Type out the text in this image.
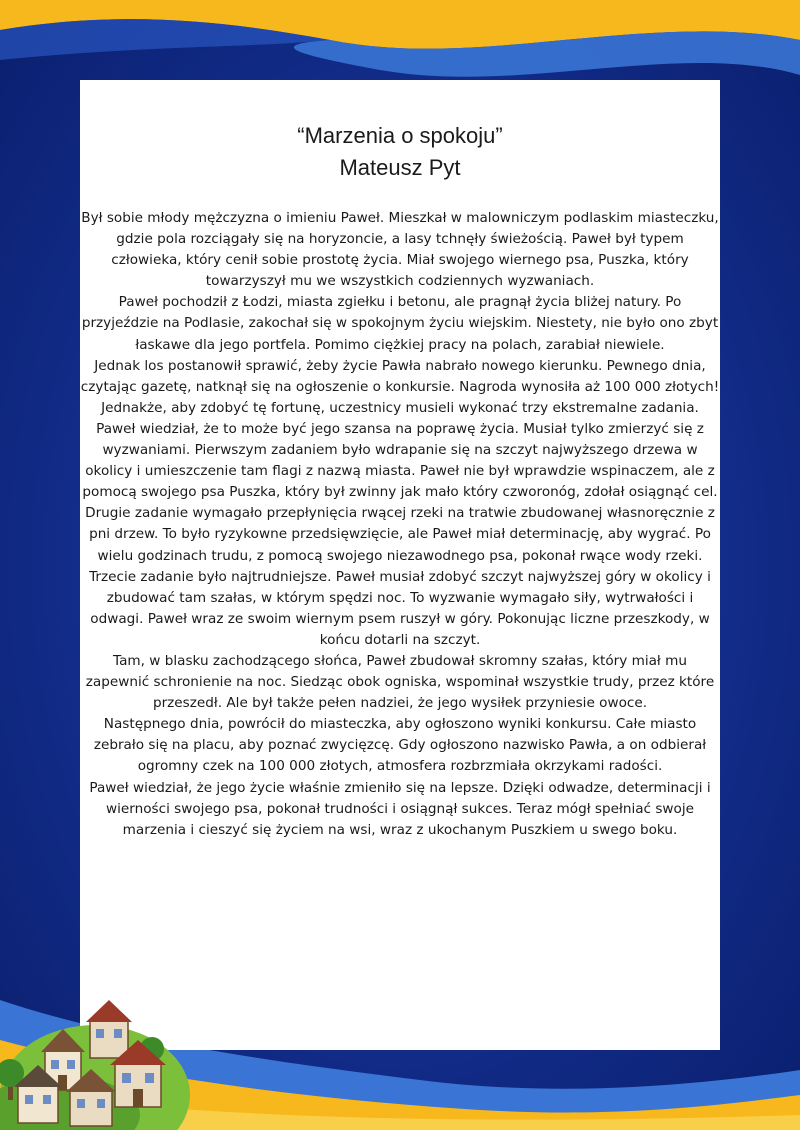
“Marzenia o spokoju”
Mateusz Pyt

Był sobie młody mężczyzna o imieniu Paweł. Mieszkał w malowniczym podlaskim miasteczku, gdzie pola rozciągały się na horyzoncie, a lasy tchnęły świeżością. Paweł był typem człowieka, który cenił sobie prostotę życia. Miał swojego wiernego psa, Puszka, który towarzyszył mu we wszystkich codziennych wyzwaniach.

Paweł pochodził z Łodzi, miasta zgiełku i betonu, ale pragnął życia bliżej natury. Po przyjeździe na Podlasie, zakochał się w spokojnym życiu wiejskim. Niestety, nie było ono zbyt łaskawe dla jego portfela. Pomimo ciężkiej pracy na polach, zarabiał niewiele.

Jednak los postanowił sprawić, żeby życie Pawła nabrało nowego kierunku. Pewnego dnia, czytając gazetę, natknął się na ogłoszenie o konkursie. Nagroda wynosiła aż 100 000 złotych! Jednakże, aby zdobyć tę fortunę, uczestnicy musieli wykonać trzy ekstremalne zadania.

Paweł wiedział, że to może być jego szansa na poprawę życia. Musiał tylko zmierzyć się z wyzwaniami. Pierwszym zadaniem było wdrapanie się na szczyt najwyższego drzewa w okolicy i umieszczenie tam flagi z nazwą miasta. Paweł nie był wprawdzie wspinaczem, ale z pomocą swojego psa Puszka, który był zwinny jak mało który czworonóg, zdołał osiągnąć cel.

Drugie zadanie wymagało przepłynięcia rwącej rzeki na tratwie zbudowanej własnoręcznie z pni drzew. To było ryzykowne przedsięwzięcie, ale Paweł miał determinację, aby wygrać. Po wielu godzinach trudu, z pomocą swojego niezawodnego psa, pokonał rwące wody rzeki.

Trzecie zadanie było najtrudniejsze. Paweł musiał zdobyć szczyt najwyższej góry w okolicy i zbudować tam szałas, w którym spędzi noc. To wyzwanie wymagało siły, wytrwałości i odwagi. Paweł wraz ze swoim wiernym psem ruszył w góry. Pokonując liczne przeszkody, w końcu dotarli na szczyt.

Tam, w blasku zachodzącego słońca, Paweł zbudował skromny szałas, który miał mu zapewnić schronienie na noc. Siedząc obok ogniska, wspominał wszystkie trudy, przez które przeszedł. Ale był także pełen nadziei, że jego wysiłek przyniesie owoce.

Następnego dnia, powrócił do miasteczka, aby ogłoszono wyniki konkursu. Całe miasto zebrało się na placu, aby poznać zwycięzcę. Gdy ogłoszono nazwisko Pawła, a on odbierał ogromny czek na 100 000 złotych, atmosfera rozbrzmiała okrzykami radości.

Paweł wiedział, że jego życie właśnie zmieniło się na lepsze. Dzięki odwadze, determinacji i wierności swojego psa, pokonał trudności i osiągnął sukces. Teraz mógł spełniać swoje marzenia i cieszyć się życiem na wsi, wraz z ukochanym Puszkiem u swego boku.
